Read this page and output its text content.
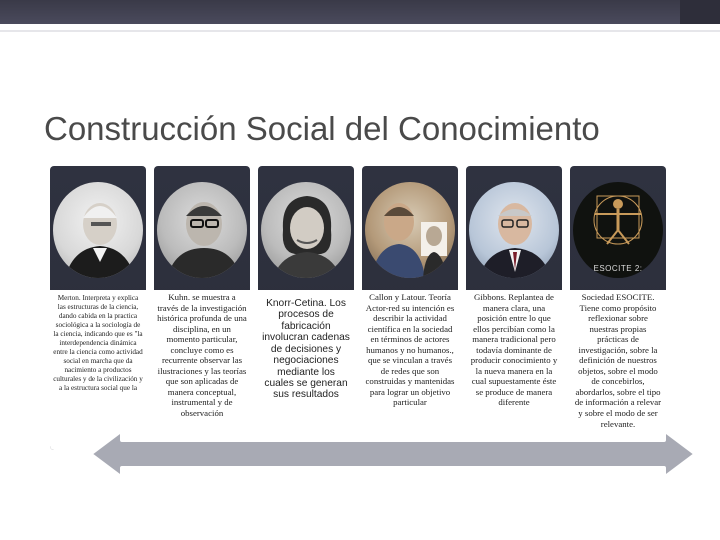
Construcción Social del Conocimiento

Merton. Interpreta y explica las estructuras de la ciencia, dando cabida en la practica sociológica a la sociología de la ciencia, indicando que es "la interdependencia dinámica entre la ciencia como actividad social en marcha que da nacimiento a productos culturales y de la civilización y a la estructura social que la

Kuhn. se muestra a través de la investigación histórica profunda de una disciplina, en un momento particular, concluye como es recurrente observar las ilustraciones y las teorías que son aplicadas de manera conceptual, instrumental y de observación

Knorr-Cetina. Los procesos de fabricación involucran cadenas de decisiones y negociaciones mediante los cuales se generan sus resultados

Callon y Latour. Teoría Actor-red su intención es describir la actividad científica en la sociedad en términos de actores humanos y no humanos., que se vinculan a través de redes que son construidas y mantenidas para lograr un objetivo particular

Gibbons. Replantea de manera clara, una posición entre lo que ellos percibían como la manera tradicional pero todavía dominante de producir conocimiento y la nueva manera en la cual supuestamente éste se produce de manera diferente

ESOCITE 2:

Sociedad ESOCITE. Tiene como propósito reflexionar sobre nuestras propias prácticas de investigación, sobre la definición de nuestros objetos, sobre el modo de concebirlos, abordarlos, sobre el tipo de información a relevar y sobre el modo de ser relevante.
